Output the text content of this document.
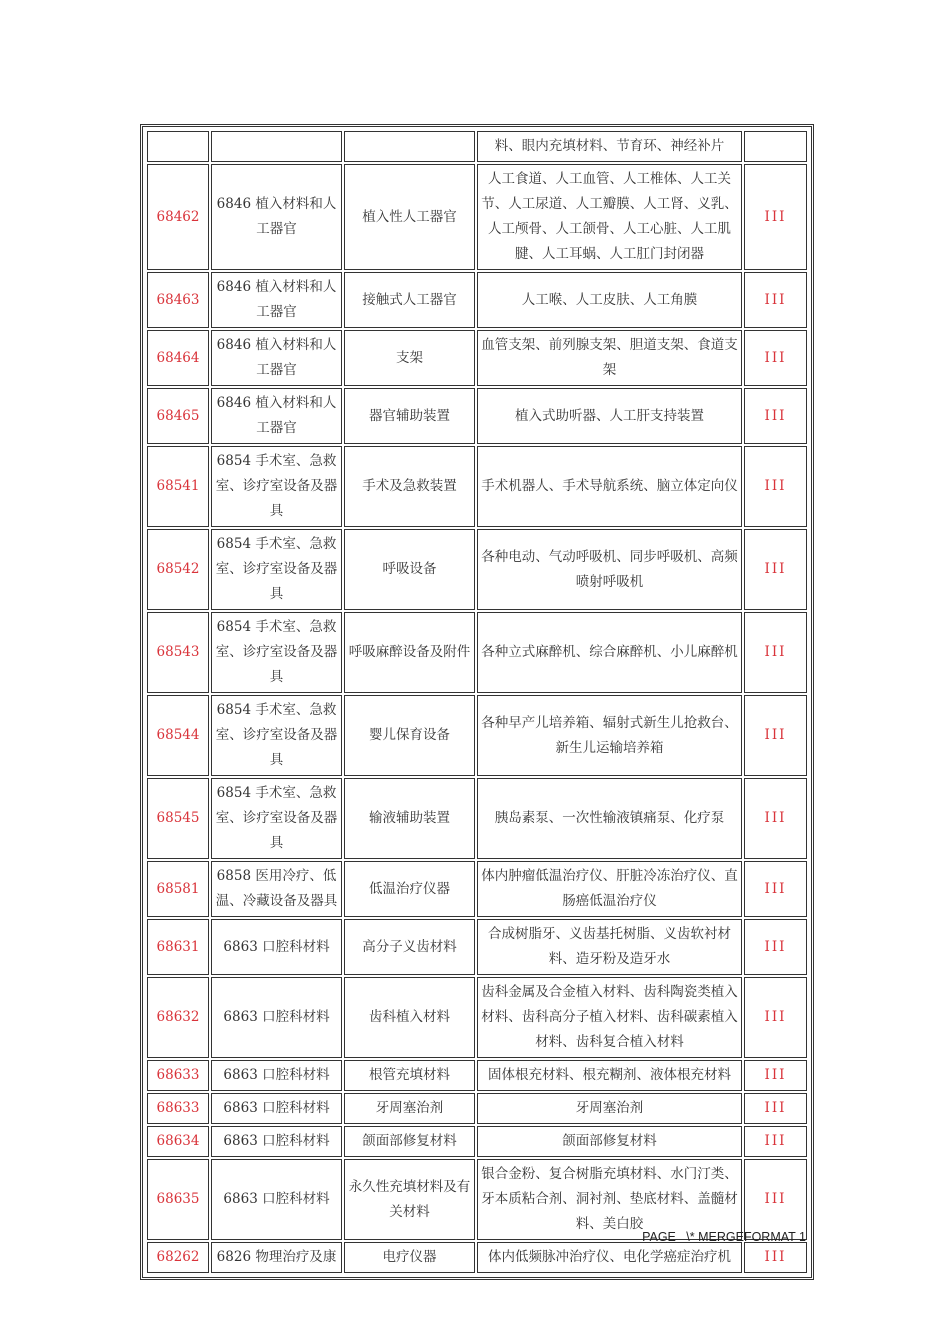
			料、眼内充填材料、节育环、神经补片	
68462	6846 植入材料和人工器官	植入性人工器官	人工食道、人工血管、人工椎体、人工关节、人工尿道、人工瓣膜、人工肾、义乳、人工颅骨、人工颌骨、人工心脏、人工肌腱、人工耳蜗、人工肛门封闭器	III
68463	6846 植入材料和人工器官	接触式人工器官	人工喉、人工皮肤、人工角膜	III
68464	6846 植入材料和人工器官	支架	血管支架、前列腺支架、胆道支架、食道支架	III
68465	6846 植入材料和人工器官	器官辅助装置	植入式助听器、人工肝支持装置	III
68541	6854 手术室、急救室、诊疗室设备及器具	手术及急救装置	手术机器人、手术导航系统、脑立体定向仪	III
68542	6854 手术室、急救室、诊疗室设备及器具	呼吸设备	各种电动、气动呼吸机、同步呼吸机、高频喷射呼吸机	III
68543	6854 手术室、急救室、诊疗室设备及器具	呼吸麻醉设备及附件	各种立式麻醉机、综合麻醉机、小儿麻醉机	III
68544	6854 手术室、急救室、诊疗室设备及器具	婴儿保育设备	各种早产儿培养箱、辐射式新生儿抢救台、新生儿运输培养箱	III
68545	6854 手术室、急救室、诊疗室设备及器具	输液辅助装置	胰岛素泵、一次性输液镇痛泵、化疗泵	III
68581	6858 医用冷疗、低温、冷藏设备及器具	低温治疗仪器	体内肿瘤低温治疗仪、肝脏冷冻治疗仪、直肠癌低温治疗仪	III
68631	6863 口腔科材料	高分子义齿材料	合成树脂牙、义齿基托树脂、义齿软衬材料、造牙粉及造牙水	III
68632	6863 口腔科材料	齿科植入材料	齿科金属及合金植入材料、齿科陶瓷类植入材料、齿科高分子植入材料、齿科碳素植入材料、齿科复合植入材料	III
68633	6863 口腔科材料	根管充填材料	固体根充材料、根充糊剂、液体根充材料	III
68633	6863 口腔科材料	牙周塞治剂	牙周塞治剂	III
68634	6863 口腔科材料	颌面部修复材料	颌面部修复材料	III
68635	6863 口腔科材料	永久性充填材料及有关材料	银合金粉、复合树脂充填材料、水门汀类、牙本质粘合剂、洞衬剂、垫底材料、盖髓材料、美白胶	III
68262	6826 物理治疗及康	电疗仪器	体内低频脉冲治疗仪、电化学癌症治疗机	III
PAGE   \* MERGEFORMAT 1
